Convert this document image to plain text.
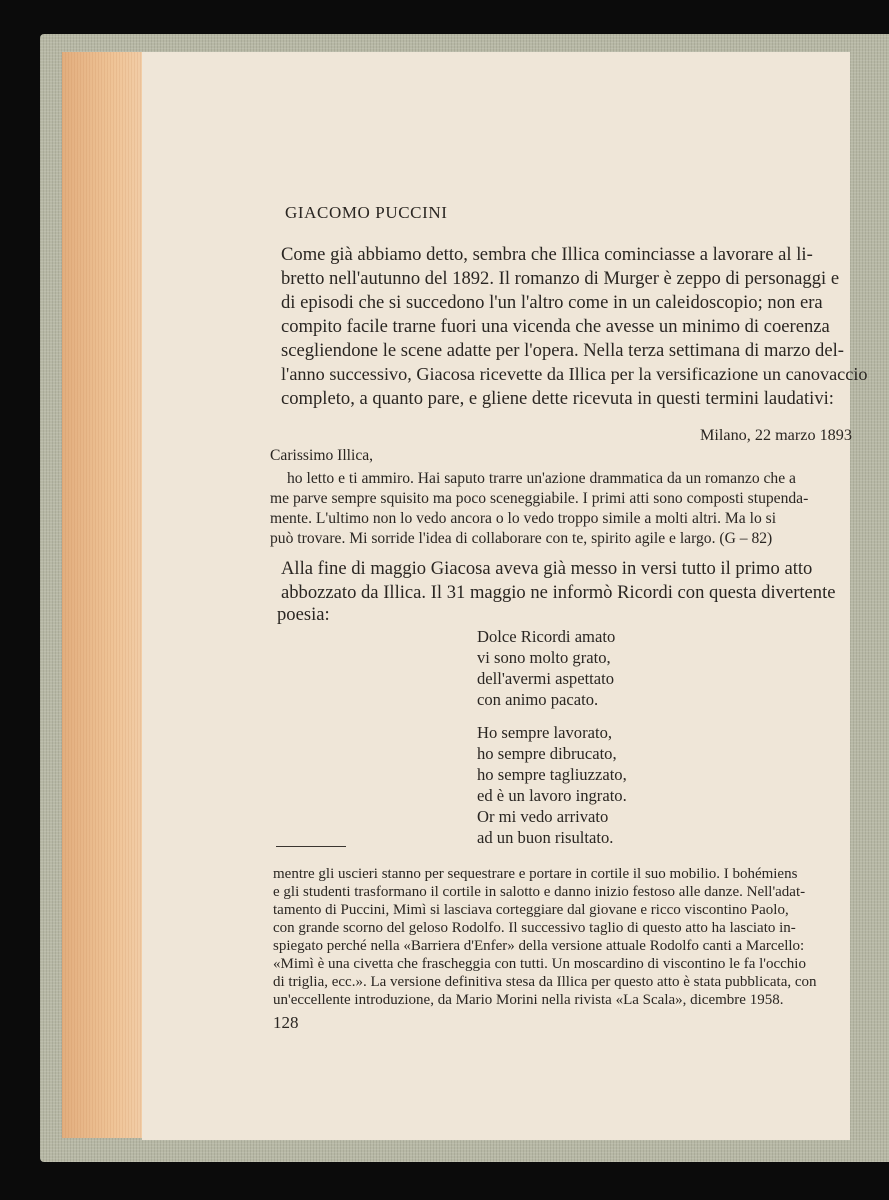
GIACOMO PUCCINI

Come già abbiamo detto, sembra che Illica cominciasse a lavorare al li-

bretto nell'autunno del 1892. Il romanzo di Murger è zeppo di personaggi e

di episodi che si succedono l'un l'altro come in un caleidoscopio; non era

compito facile trarne fuori una vicenda che avesse un minimo di coerenza

scegliendone le scene adatte per l'opera. Nella terza settimana di marzo del-

l'anno successivo, Giacosa ricevette da Illica per la versificazione un canovaccio

completo, a quanto pare, e gliene dette ricevuta in questi termini laudativi:

Milano, 22 marzo 1893

Carissimo Illica,

ho letto e ti ammiro. Hai saputo trarre un'azione drammatica da un romanzo che a

me parve sempre squisito ma poco sceneggiabile. I primi atti sono composti stupenda-

mente. L'ultimo non lo vedo ancora o lo vedo troppo simile a molti altri. Ma lo si

può trovare. Mi sorride l'idea di collaborare con te, spirito agile e largo. (G – 82)

Alla fine di maggio Giacosa aveva già messo in versi tutto il primo atto

abbozzato da Illica. Il 31 maggio ne informò Ricordi con questa divertente

poesia:

Dolce Ricordi amato

vi sono molto grato,

dell'avermi aspettato

con animo pacato.

Ho sempre lavorato,

ho sempre dibrucato,

ho sempre tagliuzzato,

ed è un lavoro ingrato.

Or mi vedo arrivato

ad un buon risultato.

mentre gli uscieri stanno per sequestrare e portare in cortile il suo mobilio. I bohémiens

e gli studenti trasformano il cortile in salotto e danno inizio festoso alle danze. Nell'adat-

tamento di Puccini, Mimì si lasciava corteggiare dal giovane e ricco viscontino Paolo,

con grande scorno del geloso Rodolfo. Il successivo taglio di questo atto ha lasciato in-

spiegato perché nella «Barriera d'Enfer» della versione attuale Rodolfo canti a Marcello:

«Mimì è una civetta che frascheggia con tutti. Un moscardino di viscontino le fa l'occhio

di triglia, ecc.». La versione definitiva stesa da Illica per questo atto è stata pubblicata, con

un'eccellente introduzione, da Mario Morini nella rivista «La Scala», dicembre 1958.

128
